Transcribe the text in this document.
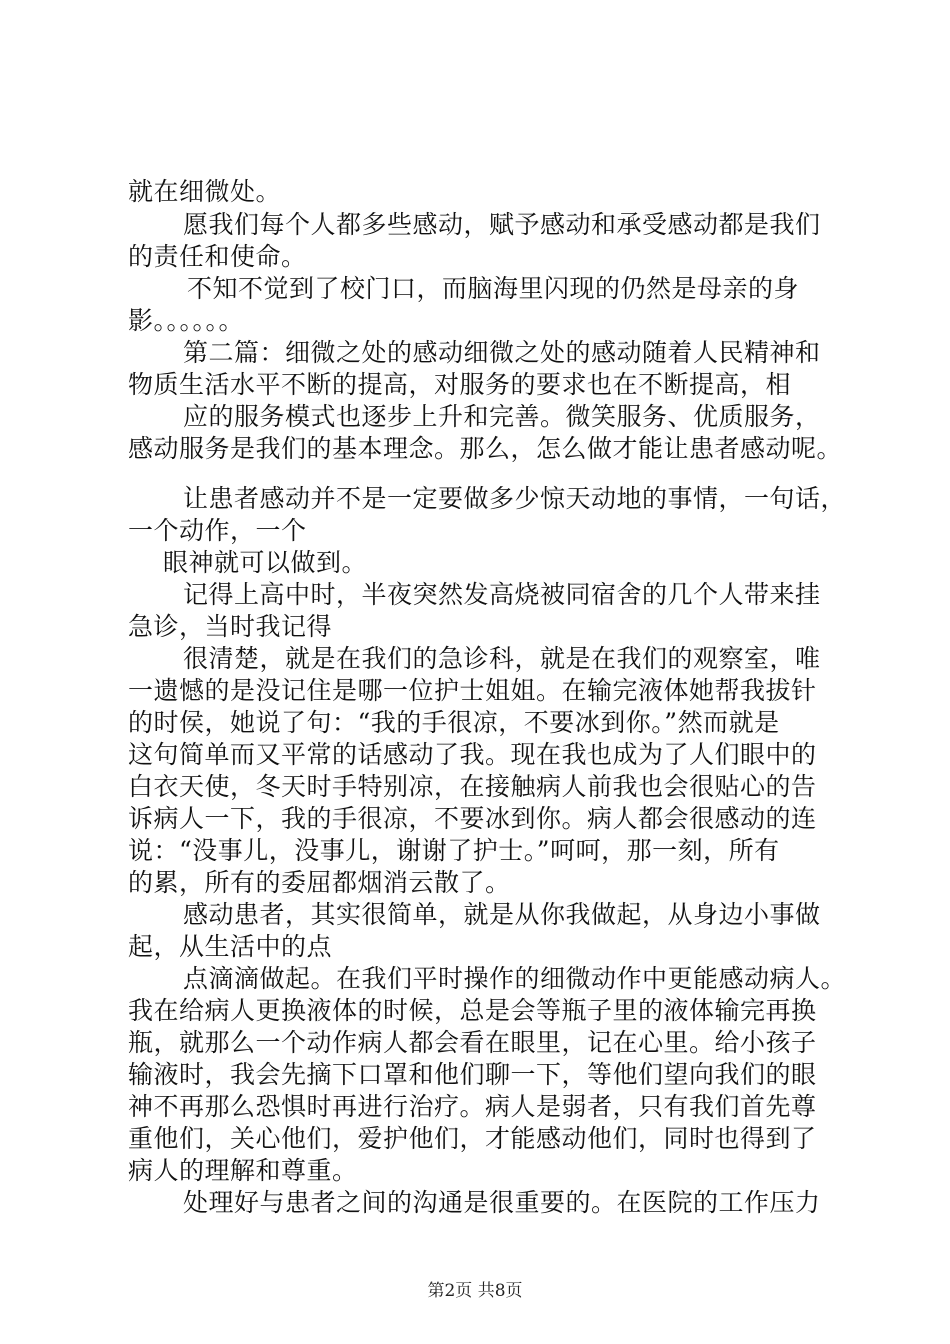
就在细微处。
愿我们每个人都多些感动，赋予感动和承受感动都是我们
的责任和使命。
不知不觉到了校门口，而脑海里闪现的仍然是母亲的身
影。。。。。。
第二篇：细微之处的感动细微之处的感动随着人民精神和
物质生活水平不断的提高，对服务的要求也在不断提高，相
应的服务模式也逐步上升和完善。微笑服务、优质服务，
感动服务是我们的基本理念。那么，怎么做才能让患者感动呢。
让患者感动并不是一定要做多少惊天动地的事情，一句话，
一个动作，一个
眼神就可以做到。
记得上高中时，半夜突然发高烧被同宿舍的几个人带来挂
急诊，当时我记得
很清楚，就是在我们的急诊科，就是在我们的观察室，唯
一遗憾的是没记住是哪一位护士姐姐。在输完液体她帮我拔针
的时侯，她说了句：“我的手很凉，不要冰到你。”然而就是
这句简单而又平常的话感动了我。现在我也成为了人们眼中的
白衣天使，冬天时手特别凉，在接触病人前我也会很贴心的告
诉病人一下，我的手很凉，不要冰到你。病人都会很感动的连
说：“没事儿，没事儿，谢谢了护士。”呵呵，那一刻，所有
的累，所有的委屈都烟消云散了。
感动患者，其实很简单，就是从你我做起，从身边小事做
起，从生活中的点
点滴滴做起。在我们平时操作的细微动作中更能感动病人。
我在给病人更换液体的时候，总是会等瓶子里的液体输完再换
瓶，就那么一个动作病人都会看在眼里，记在心里。给小孩子
输液时，我会先摘下口罩和他们聊一下，等他们望向我们的眼
神不再那么恐惧时再进行治疗。病人是弱者，只有我们首先尊
重他们，关心他们，爱护他们，才能感动他们，同时也得到了
病人的理解和尊重。
处理好与患者之间的沟通是很重要的。在医院的工作压力
第2页 共8页
